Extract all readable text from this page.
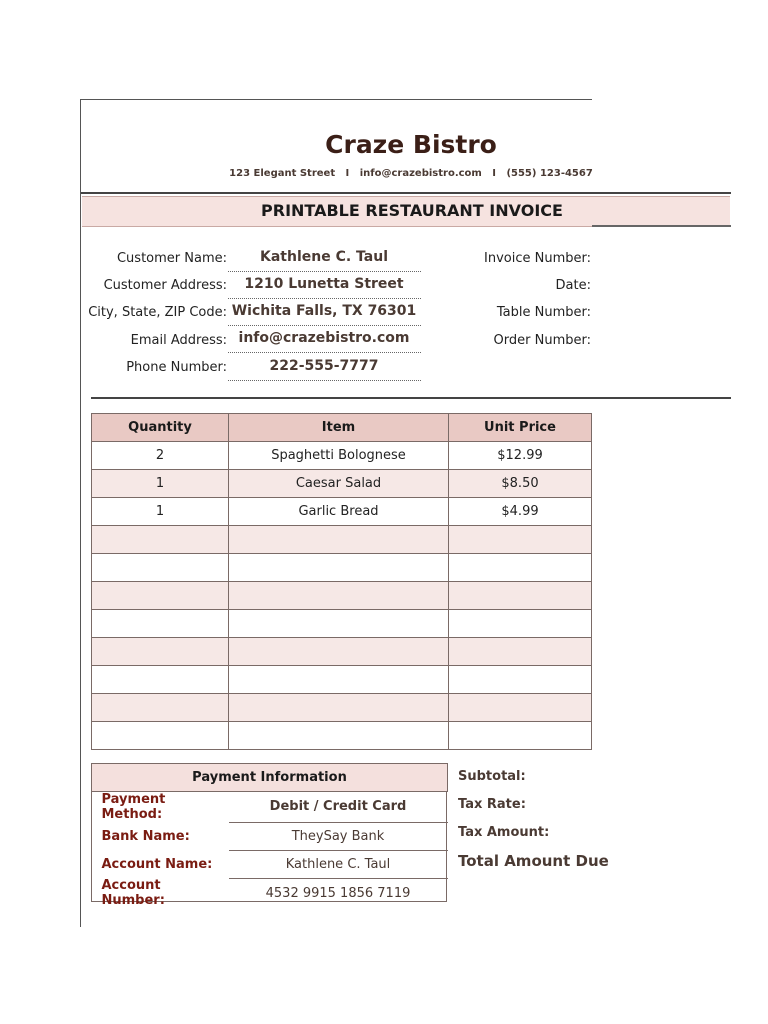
Craze Bistro
123 Elegant Street   I   info@crazebistro.com   I   (555) 123-4567
PRINTABLE RESTAURANT INVOICE
Customer Name:	Kathlene C. Taul
Customer Address:	1210 Lunetta Street
City, State, ZIP Code: Wichita Falls, TX 76301
Email Address: info@crazebistro.com
Phone Number:	222-555-7777
Invoice Number:
Date:
Table Number:
Order Number:
Quantity	Item	Unit Price
2	Spaghetti Bolognese	$12.99
1	Caesar Salad	$8.50
1	Garlic Bread	$4.99

Payment Information	
Payment Method:	Debit / Credit Card
Bank Name:	TheySay Bank
Account Name:	Kathlene C. Taul
Account Number:	4532 9915 1856 7119
Subtotal:
Tax Rate:
Tax Amount:
Total Amount Due
